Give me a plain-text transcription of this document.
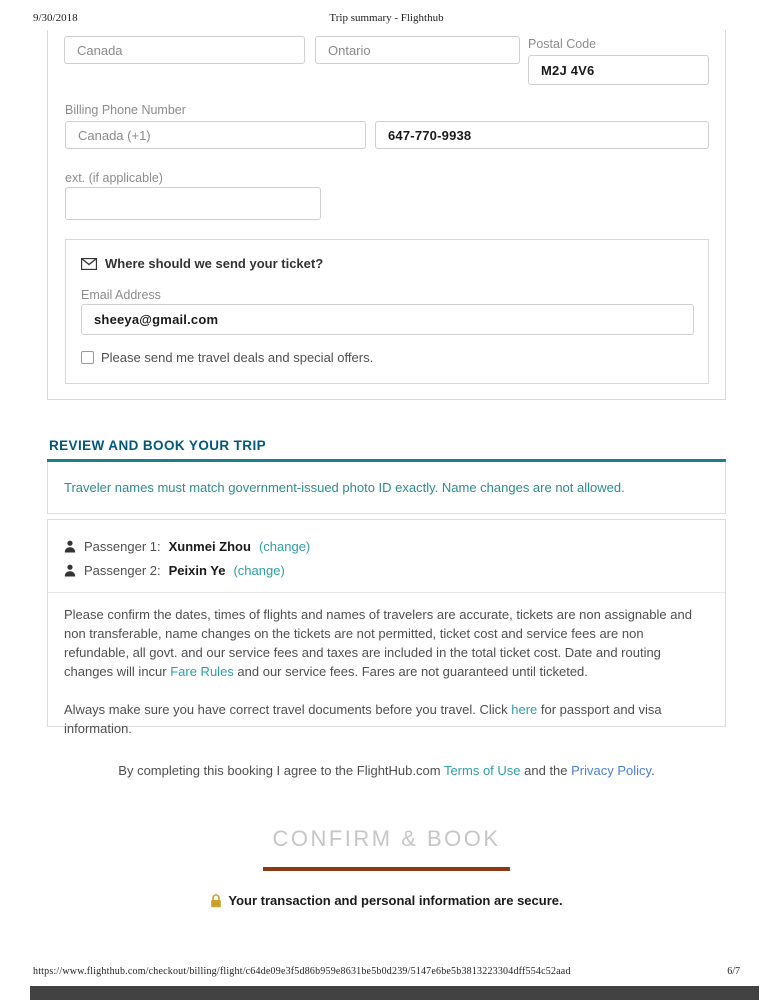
9/30/2018	Trip summary - Flighthub
Canada	Ontario	Postal Code
M2J 4V6
Billing Phone Number
Canada (+1)
647-770-9938
ext. (if applicable)
Where should we send your ticket?
Email Address
sheeya@gmail.com
Please send me travel deals and special offers.
REVIEW AND BOOK YOUR TRIP
Traveler names must match government-issued photo ID exactly. Name changes are not allowed.
Passenger 1: Xunmei Zhou (change)
Passenger 2: Peixin Ye (change)

Please confirm the dates, times of flights and names of travelers are accurate, tickets are non assignable and non transferable, name changes on the tickets are not permitted, ticket cost and service fees are non refundable, all govt. and our service fees and taxes are included in the total ticket cost. Date and routing changes will incur Fare Rules and our service fees. Fares are not guaranteed until ticketed.

Always make sure you have correct travel documents before you travel. Click here for passport and visa information.

By completing this booking I agree to the FlightHub.com Terms of Use and the Privacy Policy.
CONFIRM & BOOK
Your transaction and personal information are secure.
https://www.flighthub.com/checkout/billing/flight/c64de09e3f5d86b959e8631be5b0d239/5147e6be5b3813223304dff554c52aad	6/7
